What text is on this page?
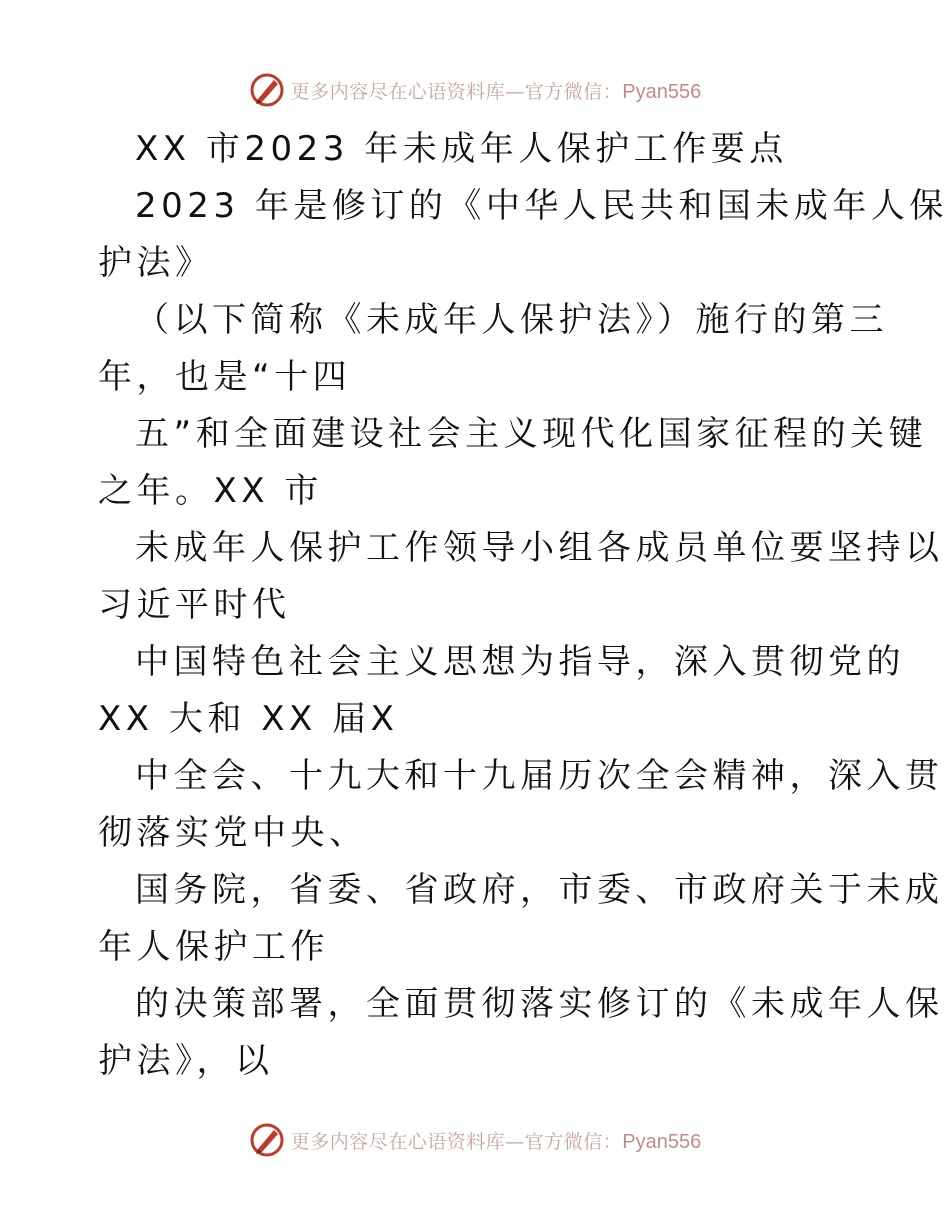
更多内容尽在心语资料库—官方微信：Pyan556
XX 市2023 年未成年人保护工作要点
2023 年是修订的《中华人民共和国未成年人保
护法》
（以下简称《未成年人保护法》）施行的第三
年，也是“十四
五”和全面建设社会主义现代化国家征程的关键
之年。XX 市
未成年人保护工作领导小组各成员单位要坚持以
习近平时代
中国特色社会主义思想为指导，深入贯彻党的
XX 大和 XX 届X
中全会、十九大和十九届历次全会精神，深入贯
彻落实党中央、
国务院，省委、省政府，市委、市政府关于未成
年人保护工作
的决策部署，全面贯彻落实修订的《未成年人保
护法》，以
更多内容尽在心语资料库—官方微信：Pyan556
